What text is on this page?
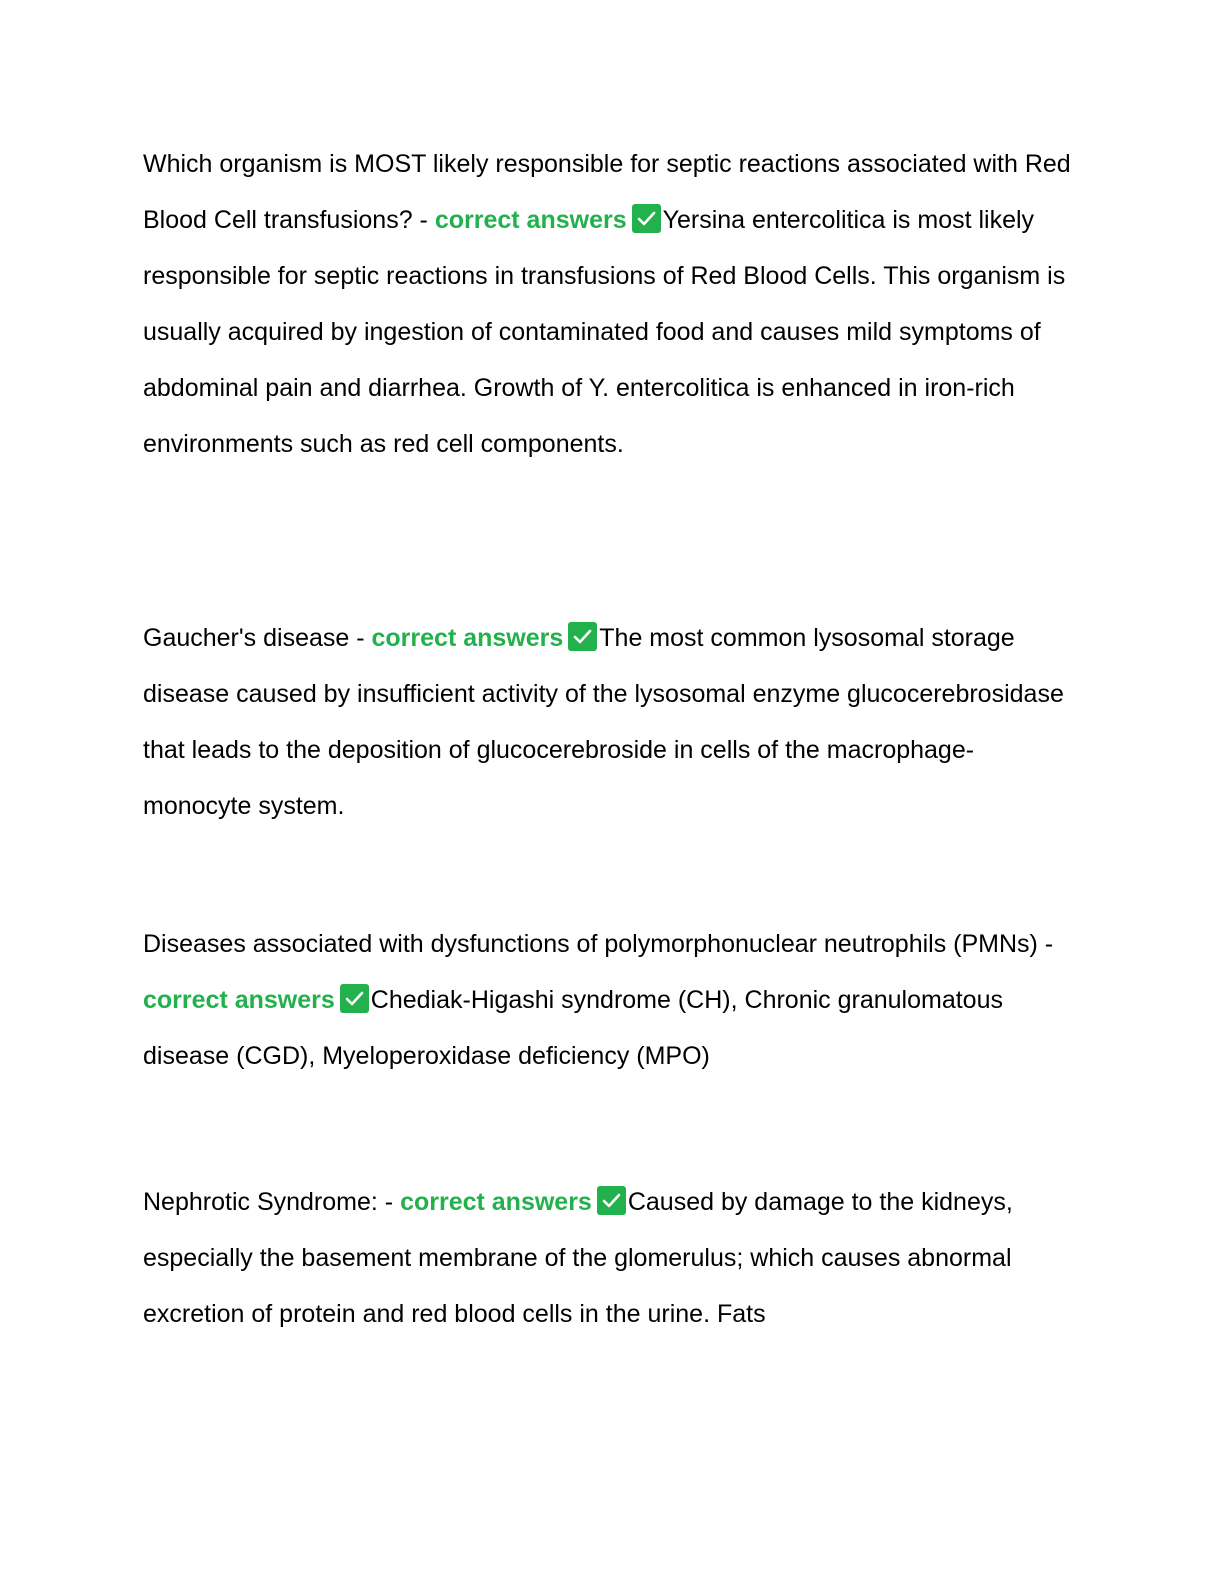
Which organism is MOST likely responsible for septic reactions associated with Red Blood Cell transfusions? - correct answers Yersina entercolitica is most likely responsible for septic reactions in transfusions of Red Blood Cells. This organism is usually acquired by ingestion of contaminated food and causes mild symptoms of abdominal pain and diarrhea. Growth of Y. entercolitica is enhanced in iron-rich environments such as red cell components.

Gaucher's disease - correct answers The most common lysosomal storage disease caused by insufficient activity of the lysosomal enzyme glucocerebrosidase that leads to the deposition of glucocerebroside in cells of the macrophage-monocyte system.

Diseases associated with dysfunctions of polymorphonuclear neutrophils (PMNs) - correct answers Chediak-Higashi syndrome (CH), Chronic granulomatous disease (CGD), Myeloperoxidase deficiency (MPO)

Nephrotic Syndrome: - correct answers Caused by damage to the kidneys, especially the basement membrane of the glomerulus; which causes abnormal excretion of protein and red blood cells in the urine. Fats
